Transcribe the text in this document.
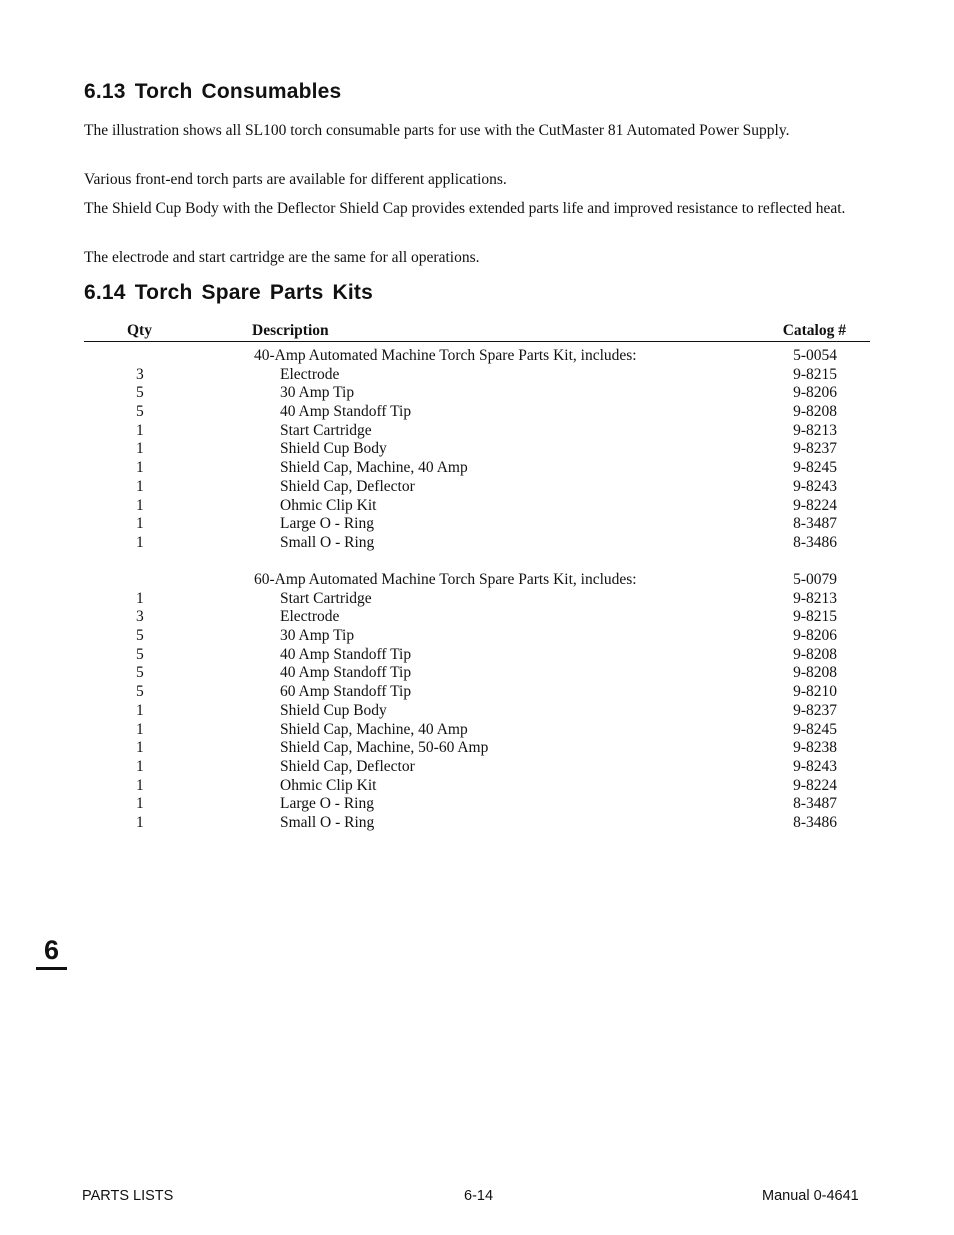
6.13 Torch Consumables

The illustration shows all SL100 torch consumable parts for use with the CutMaster 81 Automated Power Supply.

Various front-end torch parts are available for different applications.

The Shield Cup Body with the Deflector Shield Cap provides extended parts life and improved resistance to reflected heat.

The electrode and start cartridge are the same for all operations.

6.14 Torch Spare Parts Kits
Qty	Description	Catalog #
40-Amp Automated Machine Torch Spare Parts Kit, includes:	5-0054
3	Electrode	9-8215
5	30 Amp Tip	9-8206
5	40 Amp Standoff Tip	9-8208
1	Start Cartridge	9-8213
1	Shield Cup Body	9-8237
1	Shield Cap, Machine, 40 Amp	9-8245
1	Shield Cap, Deflector	9-8243
1	Ohmic Clip Kit	9-8224
1	Large O - Ring	8-3487
1	Small O - Ring	8-3486
60-Amp Automated Machine Torch Spare Parts Kit, includes:	5-0079
1	Start Cartridge	9-8213
3	Electrode	9-8215
5	30 Amp Tip	9-8206
5	40 Amp Standoff Tip	9-8208
5	40 Amp Standoff Tip	9-8208
5	60 Amp Standoff Tip	9-8210
1	Shield Cup Body	9-8237
1	Shield Cap, Machine, 40 Amp	9-8245
1	Shield Cap, Machine, 50-60 Amp	9-8238
1	Shield Cap, Deflector	9-8243
1	Ohmic Clip Kit	9-8224
1	Large O - Ring	8-3487
1	Small O - Ring	8-3486
6
PARTS LISTS	6-14	Manual 0-4641
